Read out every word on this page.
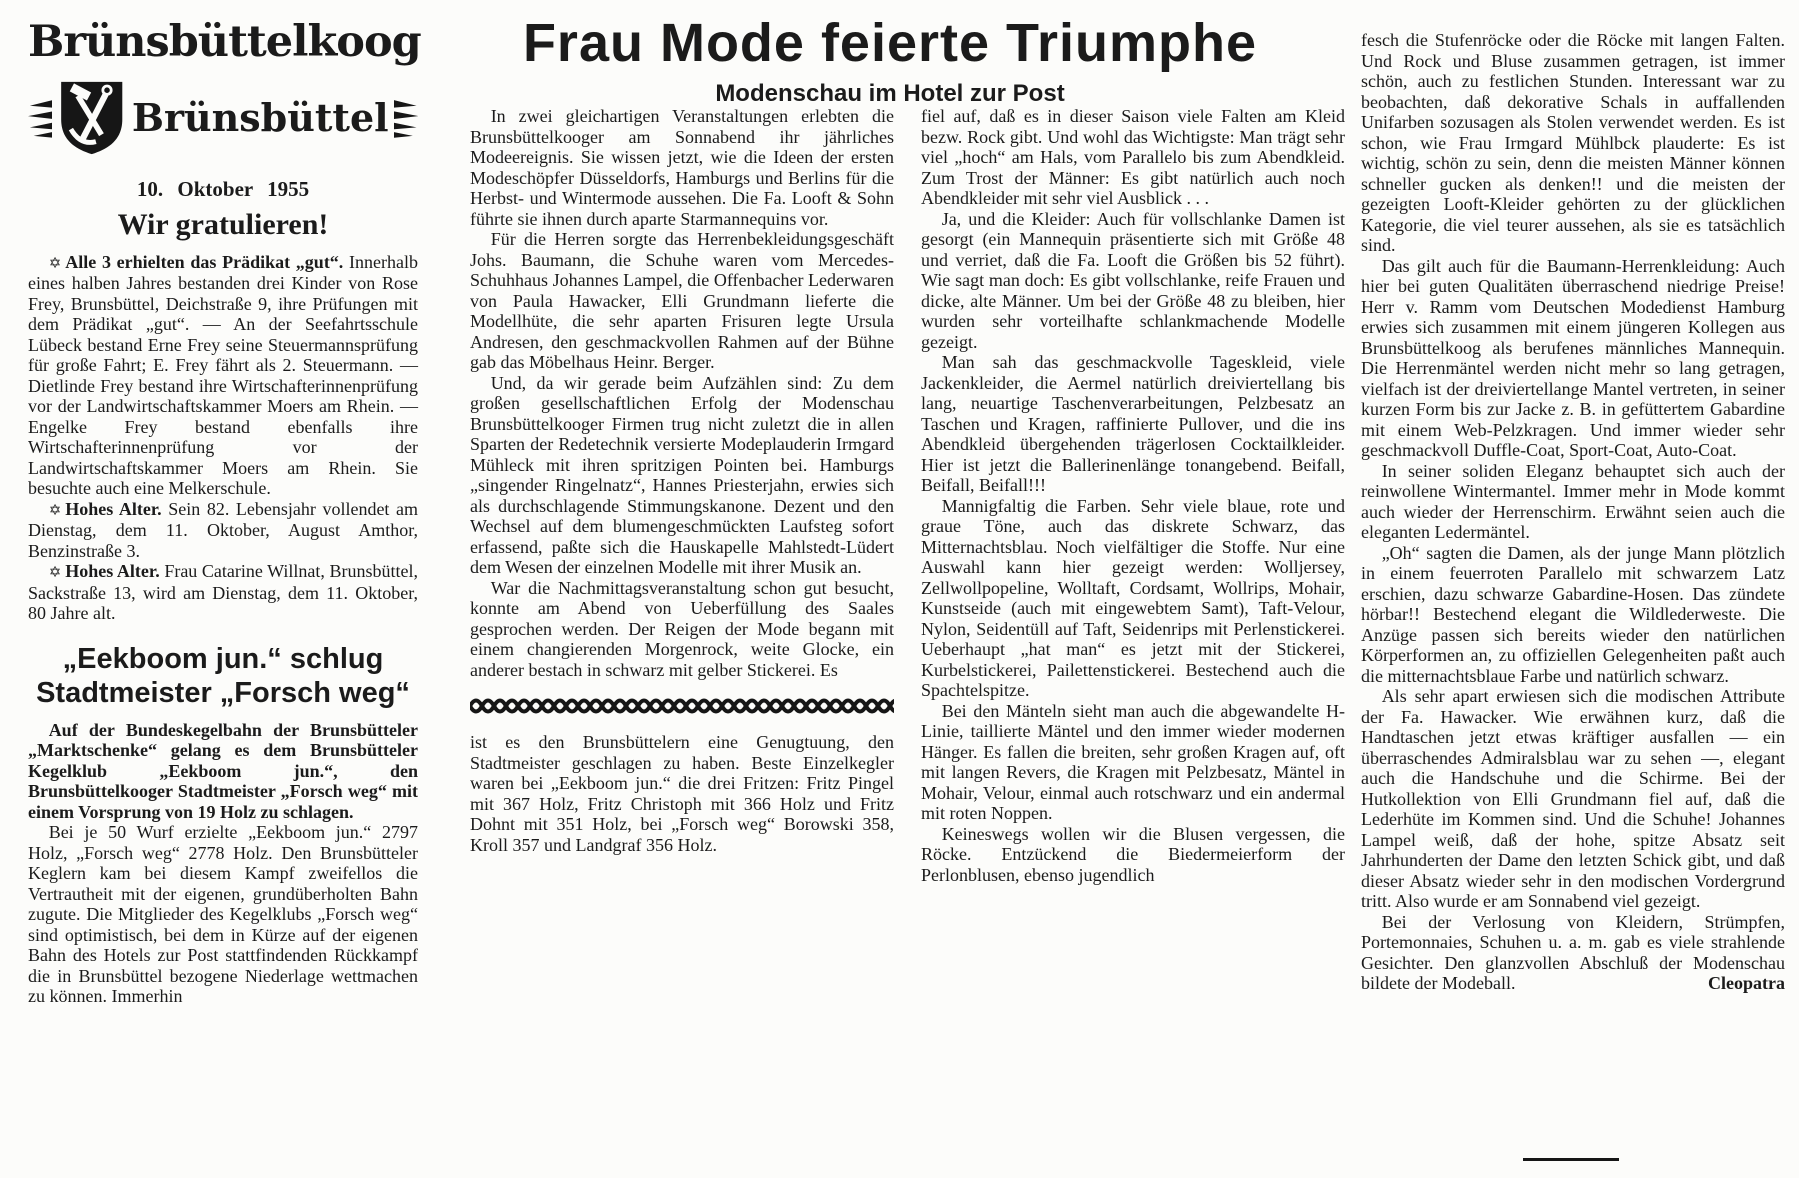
Brünsbüttelkoog
Brünsbüttel
10. Oktober 1955
Wir gratulieren!

✡ Alle 3 erhielten das Prädikat „gut“. Innerhalb eines halben Jahres bestanden drei Kinder von Rose Frey, Brunsbüttel, Deichstraße 9, ihre Prüfungen mit dem Prädikat „gut“. — An der Seefahrtsschule Lübeck bestand Erne Frey seine Steuermannsprüfung für große Fahrt; E. Frey fährt als 2. Steuermann. — Dietlinde Frey bestand ihre Wirtschafterinnenprüfung vor der Landwirtschaftskammer Moers am Rhein. — Engelke Frey bestand ebenfalls ihre Wirtschafterinnenprüfung vor der Landwirtschaftskammer Moers am Rhein. Sie besuchte auch eine Melkerschule.

✡ Hohes Alter. Sein 82. Lebensjahr vollendet am Dienstag, dem 11. Oktober, August Amthor, Benzinstraße 3.

✡ Hohes Alter. Frau Catarine Willnat, Brunsbüttel, Sackstraße 13, wird am Dienstag, dem 11. Oktober, 80 Jahre alt.

„Eekboom jun.“ schlug
Stadtmeister „Forsch weg“

Auf der Bundeskegelbahn der Brunsbütteler „Marktschenke“ gelang es dem Brunsbütteler Kegelklub „Eekboom jun.“, den Brunsbüttelkooger Stadtmeister „Forsch weg“ mit einem Vorsprung von 19 Holz zu schlagen.

Bei je 50 Wurf erzielte „Eekboom jun.“ 2797 Holz, „Forsch weg“ 2778 Holz. Den Brunsbütteler Keglern kam bei diesem Kampf zweifellos die Vertrautheit mit der eigenen, grundüberholten Bahn zugute. Die Mitglieder des Kegelklubs „Forsch weg“ sind optimistisch, bei dem in Kürze auf der eigenen Bahn des Hotels zur Post stattfindenden Rückkampf die in Brunsbüttel bezogene Niederlage wettmachen zu können. Immerhin

Frau Mode feierte Triumphe
Modenschau im Hotel zur Post

In zwei gleichartigen Veranstaltungen erlebten die Brunsbüttelkooger am Sonnabend ihr jährliches Modeereignis. Sie wissen jetzt, wie die Ideen der ersten Modeschöpfer Düsseldorfs, Hamburgs und Berlins für die Herbst- und Wintermode aussehen. Die Fa. Looft & Sohn führte sie ihnen durch aparte Starmannequins vor.

Für die Herren sorgte das Herrenbekleidungsgeschäft Johs. Baumann, die Schuhe waren vom Mercedes-Schuhhaus Johannes Lampel, die Offenbacher Lederwaren von Paula Hawacker, Elli Grundmann lieferte die Modellhüte, die sehr aparten Frisuren legte Ursula Andresen, den geschmackvollen Rahmen auf der Bühne gab das Möbelhaus Heinr. Berger.

Und, da wir gerade beim Aufzählen sind: Zu dem großen gesellschaftlichen Erfolg der Modenschau Brunsbüttelkooger Firmen trug nicht zuletzt die in allen Sparten der Redetechnik versierte Modeplauderin Irmgard Mühleck mit ihren spritzigen Pointen bei. Hamburgs „singender Ringelnatz“, Hannes Priesterjahn, erwies sich als durchschlagende Stimmungskanone. Dezent und den Wechsel auf dem blumengeschmückten Laufsteg sofort erfassend, paßte sich die Hauskapelle Mahlstedt-Lüdert dem Wesen der einzelnen Modelle mit ihrer Musik an.

War die Nachmittagsveranstaltung schon gut besucht, konnte am Abend von Ueberfüllung des Saales gesprochen werden. Der Reigen der Mode begann mit einem changierenden Morgenrock, weite Glocke, ein anderer bestach in schwarz mit gelber Stickerei. Es

ist es den Brunsbüttelern eine Genugtuung, den Stadtmeister geschlagen zu haben. Beste Einzelkegler waren bei „Eekboom jun.“ die drei Fritzen: Fritz Pingel mit 367 Holz, Fritz Christoph mit 366 Holz und Fritz Dohnt mit 351 Holz, bei „Forsch weg“ Borowski 358, Kroll 357 und Landgraf 356 Holz.

fiel auf, daß es in dieser Saison viele Falten am Kleid bezw. Rock gibt. Und wohl das Wichtigste: Man trägt sehr viel „hoch“ am Hals, vom Parallelo bis zum Abendkleid. Zum Trost der Männer: Es gibt natürlich auch noch Abendkleider mit sehr viel Ausblick . . .

Ja, und die Kleider: Auch für vollschlanke Damen ist gesorgt (ein Mannequin präsentierte sich mit Größe 48 und verriet, daß die Fa. Looft die Größen bis 52 führt). Wie sagt man doch: Es gibt vollschlanke, reife Frauen und dicke, alte Männer. Um bei der Größe 48 zu bleiben, hier wurden sehr vorteilhafte schlankmachende Modelle gezeigt.

Man sah das geschmackvolle Tageskleid, viele Jackenkleider, die Aermel natürlich dreiviertellang bis lang, neuartige Taschenverarbeitungen, Pelzbesatz an Taschen und Kragen, raffinierte Pullover, und die ins Abendkleid übergehenden trägerlosen Cocktailkleider. Hier ist jetzt die Ballerinenlänge tonangebend. Beifall, Beifall, Beifall!!!

Mannigfaltig die Farben. Sehr viele blaue, rote und graue Töne, auch das diskrete Schwarz, das Mitternachtsblau. Noch vielfältiger die Stoffe. Nur eine Auswahl kann hier gezeigt werden: Wolljersey, Zellwollpopeline, Wolltaft, Cordsamt, Wollrips, Mohair, Kunstseide (auch mit eingewebtem Samt), Taft-Velour, Nylon, Seidentüll auf Taft, Seidenrips mit Perlenstickerei. Ueberhaupt „hat man“ es jetzt mit der Stickerei, Kurbelstickerei, Pailettenstickerei. Bestechend auch die Spachtelspitze.

Bei den Mänteln sieht man auch die abgewandelte H-Linie, taillierte Mäntel und den immer wieder modernen Hänger. Es fallen die breiten, sehr großen Kragen auf, oft mit langen Revers, die Kragen mit Pelzbesatz, Mäntel in Mohair, Velour, einmal auch rotschwarz und ein andermal mit roten Noppen.

Keineswegs wollen wir die Blusen vergessen, die Röcke. Entzückend die Biedermeierform der Perlonblusen, ebenso jugendlich

fesch die Stufenröcke oder die Röcke mit langen Falten. Und Rock und Bluse zusammen getragen, ist immer schön, auch zu festlichen Stunden. Interessant war zu beobachten, daß dekorative Schals in auffallenden Unifarben sozusagen als Stolen verwendet werden. Es ist schon, wie Frau Irmgard Mühlbck plauderte: Es ist wichtig, schön zu sein, denn die meisten Männer können schneller gucken als denken!! und die meisten der gezeigten Looft-Kleider gehörten zu der glücklichen Kategorie, die viel teurer aussehen, als sie es tatsächlich sind.

Das gilt auch für die Baumann-Herrenkleidung: Auch hier bei guten Qualitäten überraschend niedrige Preise! Herr v. Ramm vom Deutschen Modedienst Hamburg erwies sich zusammen mit einem jüngeren Kollegen aus Brunsbüttelkoog als berufenes männliches Mannequin. Die Herrenmäntel werden nicht mehr so lang getragen, vielfach ist der dreiviertellange Mantel vertreten, in seiner kurzen Form bis zur Jacke z. B. in gefüttertem Gabardine mit einem Web-Pelzkragen. Und immer wieder sehr geschmackvoll Duffle-Coat, Sport-Coat, Auto-Coat.

In seiner soliden Eleganz behauptet sich auch der reinwollene Wintermantel. Immer mehr in Mode kommt auch wieder der Herrenschirm. Erwähnt seien auch die eleganten Ledermäntel.

„Oh“ sagten die Damen, als der junge Mann plötzlich in einem feuerroten Parallelo mit schwarzem Latz erschien, dazu schwarze Gabardine-Hosen. Das zündete hörbar!! Bestechend elegant die Wildlederweste. Die Anzüge passen sich bereits wieder den natürlichen Körperformen an, zu offiziellen Gelegenheiten paßt auch die mitternachtsblaue Farbe und natürlich schwarz.

Als sehr apart erwiesen sich die modischen Attribute der Fa. Hawacker. Wie erwähnen kurz, daß die Handtaschen jetzt etwas kräftiger ausfallen — ein überraschendes Admiralsblau war zu sehen —, elegant auch die Handschuhe und die Schirme. Bei der Hutkollektion von Elli Grundmann fiel auf, daß die Lederhüte im Kommen sind. Und die Schuhe! Johannes Lampel weiß, daß der hohe, spitze Absatz seit Jahrhunderten der Dame den letzten Schick gibt, und daß dieser Absatz wieder sehr in den modischen Vordergrund tritt. Also wurde er am Sonnabend viel gezeigt.

Bei der Verlosung von Kleidern, Strümpfen, Portemonnaies, Schuhen u. a. m. gab es viele strahlende Gesichter. Den glanzvollen Abschluß der Modenschau bildete der Modeball.	Cleopatra
